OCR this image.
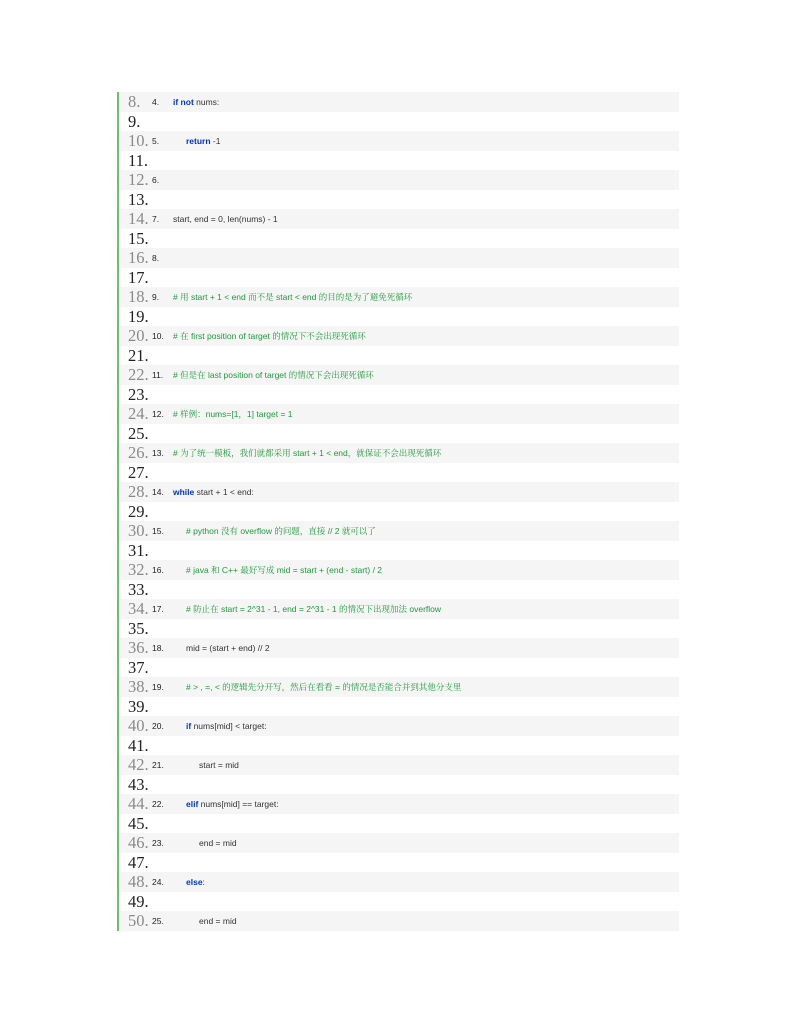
8. 4. if not nums:
9.
10. 5.	return -1
11.
12. 6.
13.
14. 7. start, end = 0, len(nums) - 1
15.
16. 8.
17.
18. 9. # 用 start + 1 < end 而不是 start < end 的目的是为了避免死循环
19.
20. 10. # 在 first position of target 的情况下不会出现死循环
21.
22. 11. # 但是在 last position of target 的情况下会出现死循环
23.
24. 12. # 样例：nums=[1，1] target = 1
25.
26. 13. # 为了统一模板，我们就都采用 start + 1 < end，就保证不会出现死循环
27.
28. 14. while start + 1 < end:
29.
30. 15.	# python 没有 overflow 的问题，直接 // 2 就可以了
31.
32. 16.	# java 和 C++ 最好写成 mid = start + (end - start) / 2
33.
34. 17.	# 防止在 start = 2^31 - 1, end = 2^31 - 1 的情况下出现加法 overflow
35.
36. 18.	mid = (start + end) // 2
37.
38. 19.	# > , =, < 的逻辑先分开写，然后在看看 = 的情况是否能合并到其他分支里
39.
40. 20.	if nums[mid] < target:
41.
42. 21.	start = mid
43.
44. 22.	elif nums[mid] == target:
45.
46. 23.	end = mid
47.
48. 24.	else:
49.
50. 25.	end = mid
